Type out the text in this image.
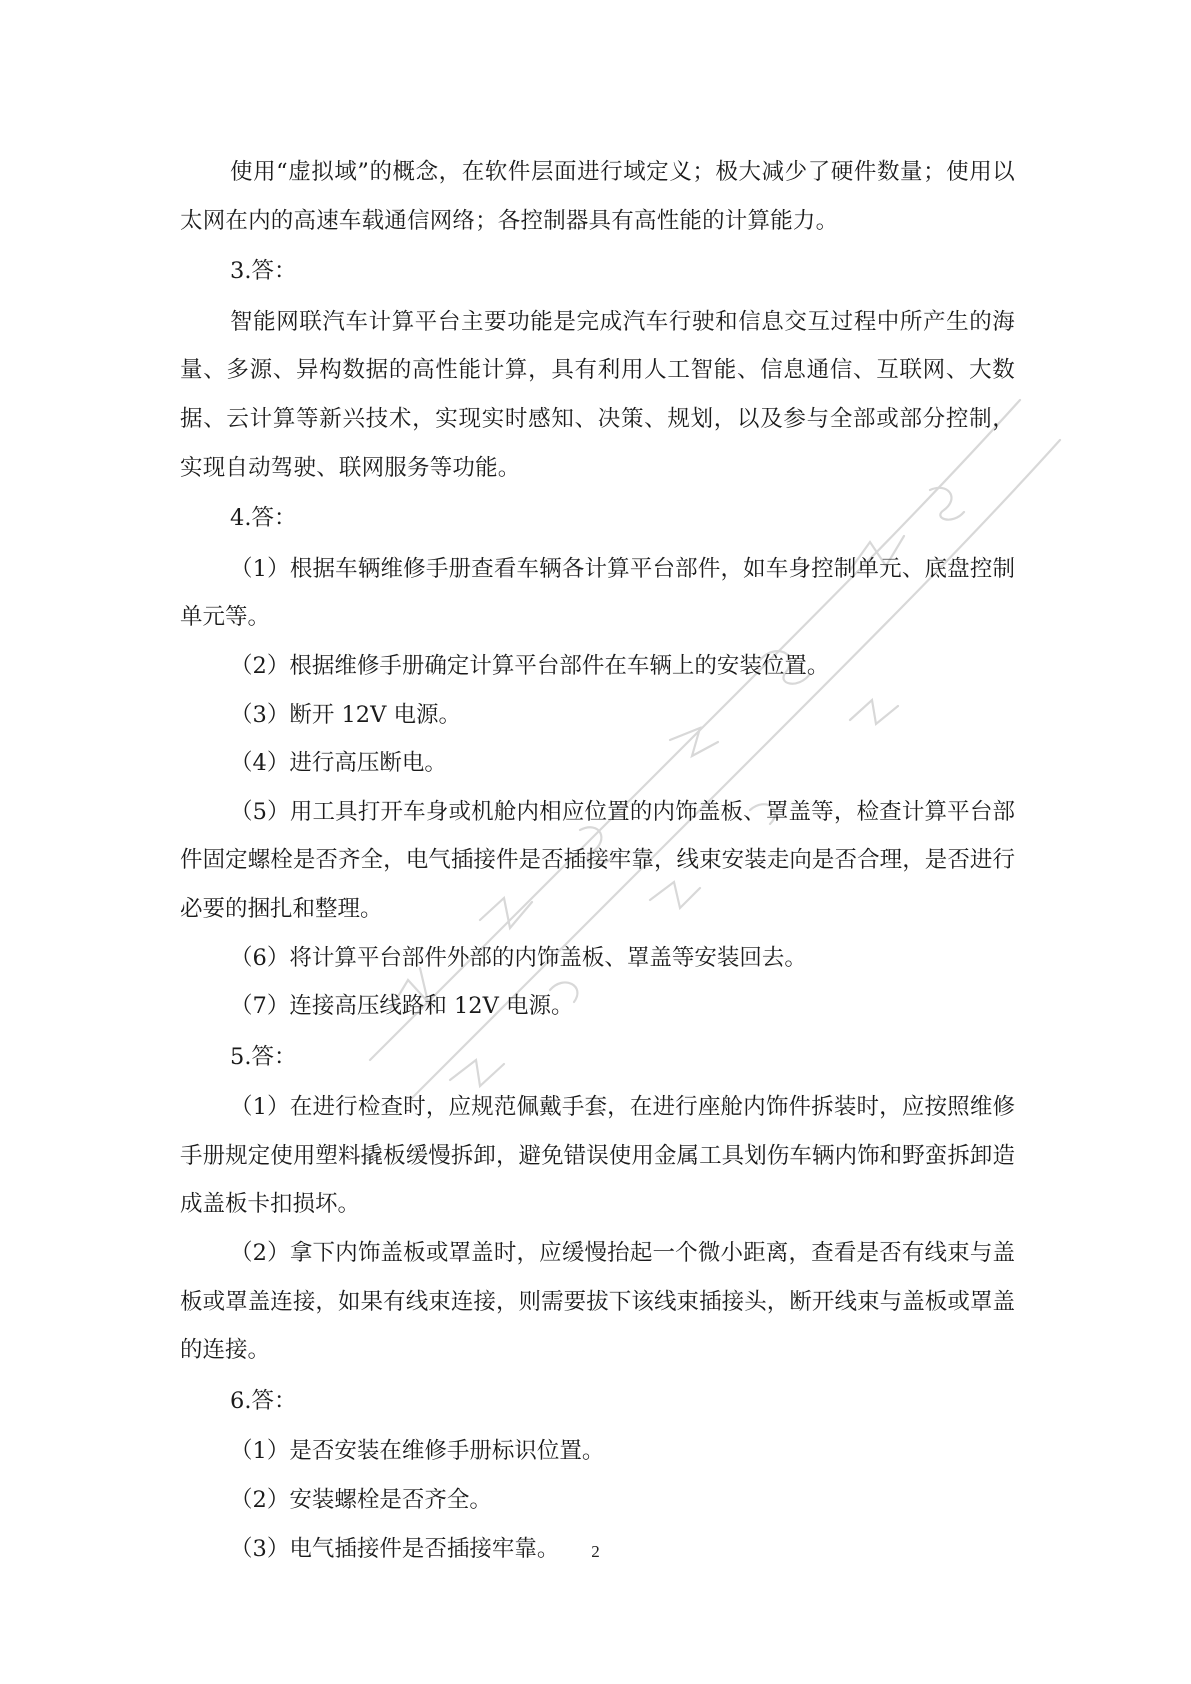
使用“虚拟域”的概念，在软件层面进行域定义；极大减少了硬件数量；使用以太网在内的高速车载通信网络；各控制器具有高性能的计算能力。

3.答：

智能网联汽车计算平台主要功能是完成汽车行驶和信息交互过程中所产生的海量、多源、异构数据的高性能计算，具有利用人工智能、信息通信、互联网、大数据、云计算等新兴技术，实现实时感知、决策、规划，以及参与全部或部分控制，实现自动驾驶、联网服务等功能。

4.答：

（1）根据车辆维修手册查看车辆各计算平台部件，如车身控制单元、底盘控制单元等。

（2）根据维修手册确定计算平台部件在车辆上的安装位置。

（3）断开 12V 电源。

（4）进行高压断电。

（5）用工具打开车身或机舱内相应位置的内饰盖板、罩盖等，检查计算平台部件固定螺栓是否齐全，电气插接件是否插接牢靠，线束安装走向是否合理，是否进行必要的捆扎和整理。

（6）将计算平台部件外部的内饰盖板、罩盖等安装回去。

（7）连接高压线路和 12V 电源。

5.答：

（1）在进行检查时，应规范佩戴手套，在进行座舱内饰件拆装时，应按照维修手册规定使用塑料撬板缓慢拆卸，避免错误使用金属工具划伤车辆内饰和野蛮拆卸造成盖板卡扣损坏。

（2）拿下内饰盖板或罩盖时，应缓慢抬起一个微小距离，查看是否有线束与盖板或罩盖连接，如果有线束连接，则需要拔下该线束插接头，断开线束与盖板或罩盖的连接。

6.答：

（1）是否安装在维修手册标识位置。

（2）安装螺栓是否齐全。

（3）电气插接件是否插接牢靠。	2
